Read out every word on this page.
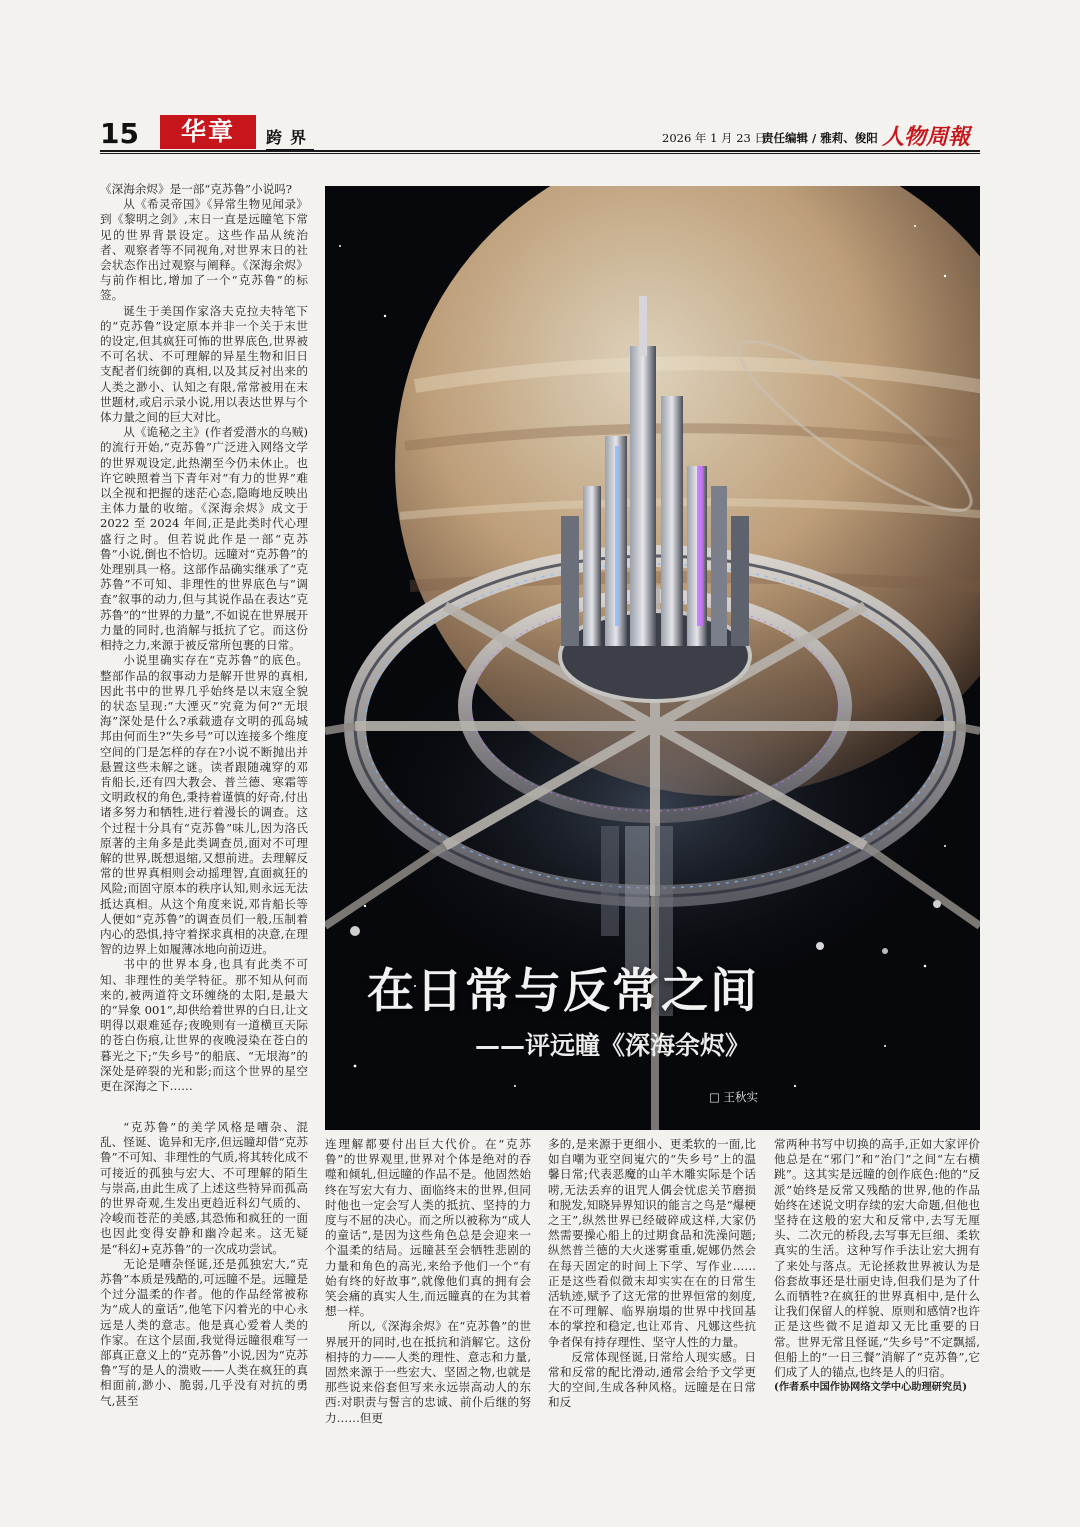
15	华章	跨界	2026 年 1 月 23 日
责任编辑 / 雅莉、俊阳 人物周報
在日常与反常之间
——评远瞳《深海余烬》
□ 王秋实

《深海余烬》是一部“克苏鲁”小说吗?

从《希灵帝国》《异常生物见闻录》到《黎明之剑》,末日一直是远瞳笔下常见的世界背景设定。这些作品从统治者、观察者等不同视角,对世界末日的社会状态作出过观察与阐释。《深海余烬》与前作相比,增加了一个“克苏鲁”的标签。

诞生于美国作家洛夫克拉夫特笔下的“克苏鲁”设定原本并非一个关于末世的设定,但其疯狂可怖的世界底色,世界被不可名状、不可理解的异星生物和旧日支配者们统御的真相,以及其反衬出来的人类之渺小、认知之有限,常常被用在末世题材,或启示录小说,用以表达世界与个体力量之间的巨大对比。

从《诡秘之主》(作者爱潜水的乌贼)的流行开始,“克苏鲁”广泛进入网络文学的世界观设定,此热潮至今仍未休止。也许它映照着当下青年对“有力的世界”难以全视和把握的迷茫心态,隐晦地反映出主体力量的收缩。《深海余烬》成文于 2022 至 2024 年间,正是此类时代心理盛行之时。但若说此作是一部“克苏鲁”小说,倒也不恰切。远瞳对“克苏鲁”的处理别具一格。这部作品确实继承了“克苏鲁”不可知、非理性的世界底色与“调查”叙事的动力,但与其说作品在表达“克苏鲁”的“世界的力量”,不如说在世界展开力量的同时,也消解与抵抗了它。而这份相持之力,来源于被反常所包裹的日常。

小说里确实存在“克苏鲁”的底色。整部作品的叙事动力是解开世界的真相,因此书中的世界几乎始终是以末寇全貌的状态呈现:“大湮灭”究竟为何?“无垠海”深处是什么?承载遗存文明的孤岛城邦由何而生?“失乡号”可以连接多个维度空间的门是怎样的存在?小说不断抛出并悬置这些未解之谜。读者跟随魂穿的邓肯船长,还有四大教会、普兰德、寒霜等文明政权的角色,秉持着谨慎的好奇,付出诸多努力和牺牲,进行着漫长的调查。这个过程十分具有“克苏鲁”味儿,因为洛氏原著的主角多是此类调查员,面对不可理解的世界,既想退缩,又想前进。去理解反常的世界真相则会动摇理智,直面疯狂的风险;而固守原本的秩序认知,则永远无法抵达真相。从这个角度来说,邓肯船长等人便如“克苏鲁”的调查员们一般,压制着内心的恐惧,持守着探求真相的决意,在理智的边界上如履薄冰地向前迈进。

书中的世界本身,也具有此类不可知、非理性的美学特征。那不知从何而来的,被两道符文环缠绕的太阳,是最大的“异象 001”,却供给着世界的白日,让文明得以艰难延存;夜晚则有一道横亘天际的苍白伤痕,让世界的夜晚浸染在苍白的暮光之下;“失乡号”的船底、“无垠海”的深处是碎裂的光和影;而这个世界的星空更在深海之下……

“克苏鲁”的美学风格是嘈杂、混乱、怪诞、诡异和无序,但远瞳却借“克苏鲁”不可知、非理性的气质,将其转化成不可接近的孤独与宏大、不可理解的陌生与崇高,由此生成了上述这些特异而孤高的世界奇观,生发出更趋近科幻气质的、冷峻而苍茫的美感,其恐怖和疯狂的一面也因此变得安静和幽冷起来。这无疑是“科幻+克苏鲁”的一次成功尝试。

无论是嘈杂怪诞,还是孤独宏大,“克苏鲁”本质是残酷的,可远瞳不是。远瞳是个过分温柔的作者。他的作品经常被称为“成人的童话”,他笔下闪着光的中心永远是人类的意志。他是真心爱着人类的作家。在这个层面,我觉得远瞳很难写一部真正意义上的“克苏鲁”小说,因为“克苏鲁”写的是人的溃败——人类在疯狂的真相面前,渺小、脆弱,几乎没有对抗的勇气,甚至

连理解都要付出巨大代价。在“克苏鲁”的世界观里,世界对个体是绝对的吞噬和倾轧,但远瞳的作品不是。他固然始终在写宏大有力、面临终末的世界,但同时他也一定会写人类的抵抗、坚持的力度与不屈的决心。而之所以被称为“成人的童话”,是因为这些角色总是会迎来一个温柔的结局。远瞳甚至会牺牲悲剧的力量和角色的高光,来给予他们一个“有始有终的好故事”,就像他们真的拥有会笑会痛的真实人生,而远瞳真的在为其着想一样。

所以,《深海余烬》在“克苏鲁”的世界展开的同时,也在抵抗和消解它。这份相持的力——人类的理性、意志和力量,固然来源于一些宏大、坚固之物,也就是那些说来俗套但写来永远崇高动人的东西:对职责与誓言的忠诚、前仆后继的努力……但更

多的,是来源于更细小、更柔软的一面,比如自嘲为亚空间嵬穴的“失乡号”上的温馨日常;代表恶魔的山羊木雕实际是个话唠,无法丢弃的诅咒人偶会忧虑关节磨损和脱发,知晓异界知识的能言之鸟是“爆梗之王”,纵然世界已经破碎成这样,大家仍然需要操心船上的过期食品和洗澡问题;纵然普兰德的大火迷雾重重,妮娜仍然会在每天固定的时间上下学、写作业……正是这些看似微末却实实在在的日常生活轨迹,赋予了这无常的世界恒常的刻度,在不可理解、临界崩塌的世界中找回基本的掌控和稳定,也让邓肯、凡娜这些抗争者保有持存理性、坚守人性的力量。

反常体现怪诞,日常给人现实感。日常和反常的配比滑动,通常会给予文学更大的空间,生成各种风格。远瞳是在日常和反

常两种书写中切换的高手,正如大家评价他总是在“邪门”和“治门”之间“左右横跳”。这其实是远瞳的创作底色:他的“反派”始终是反常又残酷的世界,他的作品始终在述说文明存续的宏大命题,但他也坚持在这般的宏大和反常中,去写无厘头、二次元的桥段,去写事无巨细、柔软真实的生活。这种写作手法让宏大拥有了来处与落点。无论拯救世界被认为是俗套故事还是壮丽史诗,但我们是为了什么而牺牲?在疯狂的世界真相中,是什么让我们保留人的样貌、原则和感情?也许正是这些微不足道却又无比重要的日常。世界无常且怪诞,“失乡号”不定飘摇,但船上的“一日三餐”消解了“克苏鲁”,它们成了人的锚点,也终是人的归宿。

(作者系中国作协网络文学中心助理研究员)
